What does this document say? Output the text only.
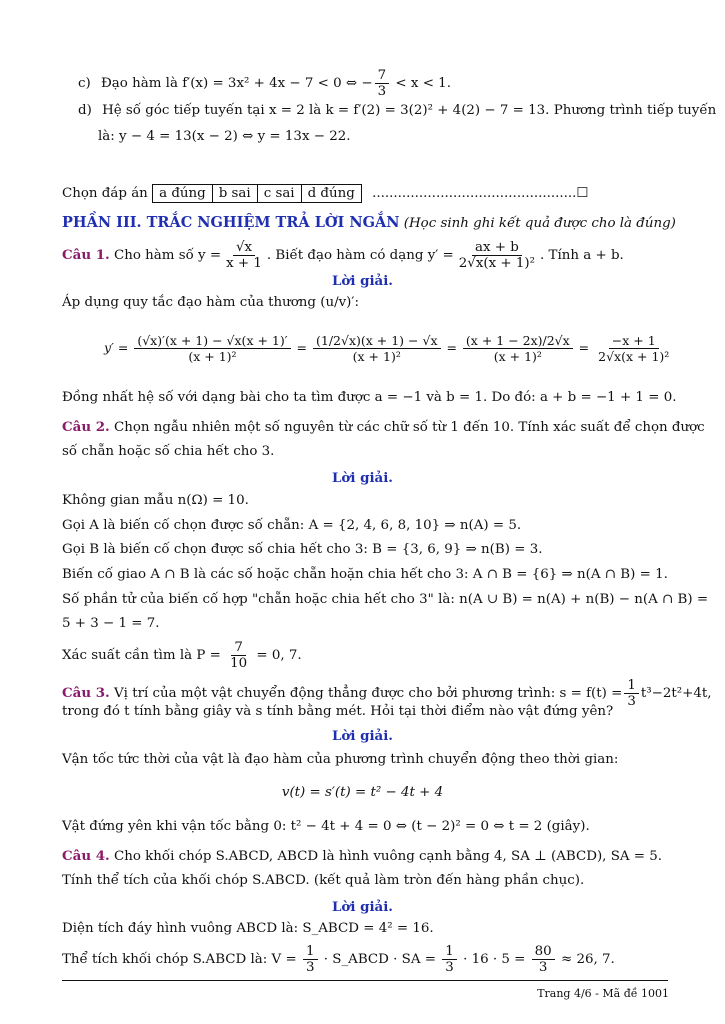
c) Đạo hàm là f′(x) = 3x² + 4x − 7 < 0 ⇔ − $\frac{7}{3} < x < 1$.
d) Hệ số góc tiếp tuyến tại x = 2 là k = f′(2) = 3(2)² + 4(2) − 7 = 13. Phương trình tiếp tuyến
là: y − 4 = 13(x − 2) ⇔ y = 13x − 22.
Chọn đáp án a đúng b sai c sai d đúng	................................................☐
PHẦN III. TRẮC NGHIỆM TRẢ LỜI NGẮN (Học sinh ghi kết quả được cho là đúng)
Câu 1. Cho hàm số $y = \frac{√x}{x + 1}$ . Biết đạo hàm có dạng $y' = \frac{ax + b}{\text{2√x(x + 1)²}}$ . Tính a + b.
Lời giải.
Áp dụng quy tắc đạo hàm của thương (u/v)′:
$y' = \frac{(√x)'(x + 1) - √x(x + 1)'}{\text{(x + 1)²}} = \frac{(1/2√x)(x + 1) - √x}{\text{(x + 1)²}} = \frac{(x + 1 - 2x)/2√x}{\text{(x + 1)²}} = \frac{-x + 1}{\text{2√x(x + 1)²}}$
Đồng nhất hệ số với dạng bài cho ta tìm được a = −1 và b = 1. Do đó: a + b = −1 + 1 = 0.
Câu 2. Chọn ngẫu nhiên một số nguyên từ các chữ số từ 1 đến 10. Tính xác suất để chọn được
số chẵn hoặc số chia hết cho 3.
Lời giải.
Không gian mẫu n(Ω) = 10.
Gọi A là biến cố chọn được số chẵn: A = {2, 4, 6, 8, 10} ⇒ n(A) = 5.
Gọi B là biến cố chọn được số chia hết cho 3: B = {3, 6, 9} ⇒ n(B) = 3.
Biến cố giao A ∩ B là các số hoặc chẵn hoặn chia hết cho 3: A ∩ B = {6} ⇒ n(A ∩ B) = 1.
Số phần tử của biến cố hợp "chẵn hoặc chia hết cho 3" là: n(A ∪ B) = n(A) + n(B) − n(A ∩ B) =
5 + 3 − 1 = 7.
Xác suất cần tìm là $P = \frac{7}{10} = 0$, 7.
Câu 3. Vị trí của một vật chuyển động thẳng được cho bởi phương trình: $s = f(t) = \frac{1}{3} t^3-2t^2+4t$,
trong đó t tính bằng giây và s tính bằng mét. Hỏi tại thời điểm nào vật đứng yên?
Lời giải.
Vận tốc tức thời của vật là đạo hàm của phương trình chuyển động theo thời gian:
v(t) = s′(t) = t² − 4t + 4
Vật đứng yên khi vận tốc bằng 0: t² − 4t + 4 = 0 ⇔ (t − 2)² = 0 ⇔ t = 2 (giây).
Câu 4. Cho khối chóp S.ABCD, ABCD là hình vuông cạnh bằng 4, SA ⊥ (ABCD), SA = 5.
Tính thể tích của khối chóp S.ABCD. (kết quả làm tròn đến hàng phần chục).
Lời giải.
Diện tích đáy hình vuông ABCD là: S_ABCD = 4² = 16.
Thể tích khối chóp S.ABCD là: $V = \frac{1}{3}$ · S_ABCD · SA = $\frac{1}{3} \cdot 16 \cdot 5 = \frac{80}{3} \approx 26$, 7.
Trang 4/6 - Mã đề 1001
